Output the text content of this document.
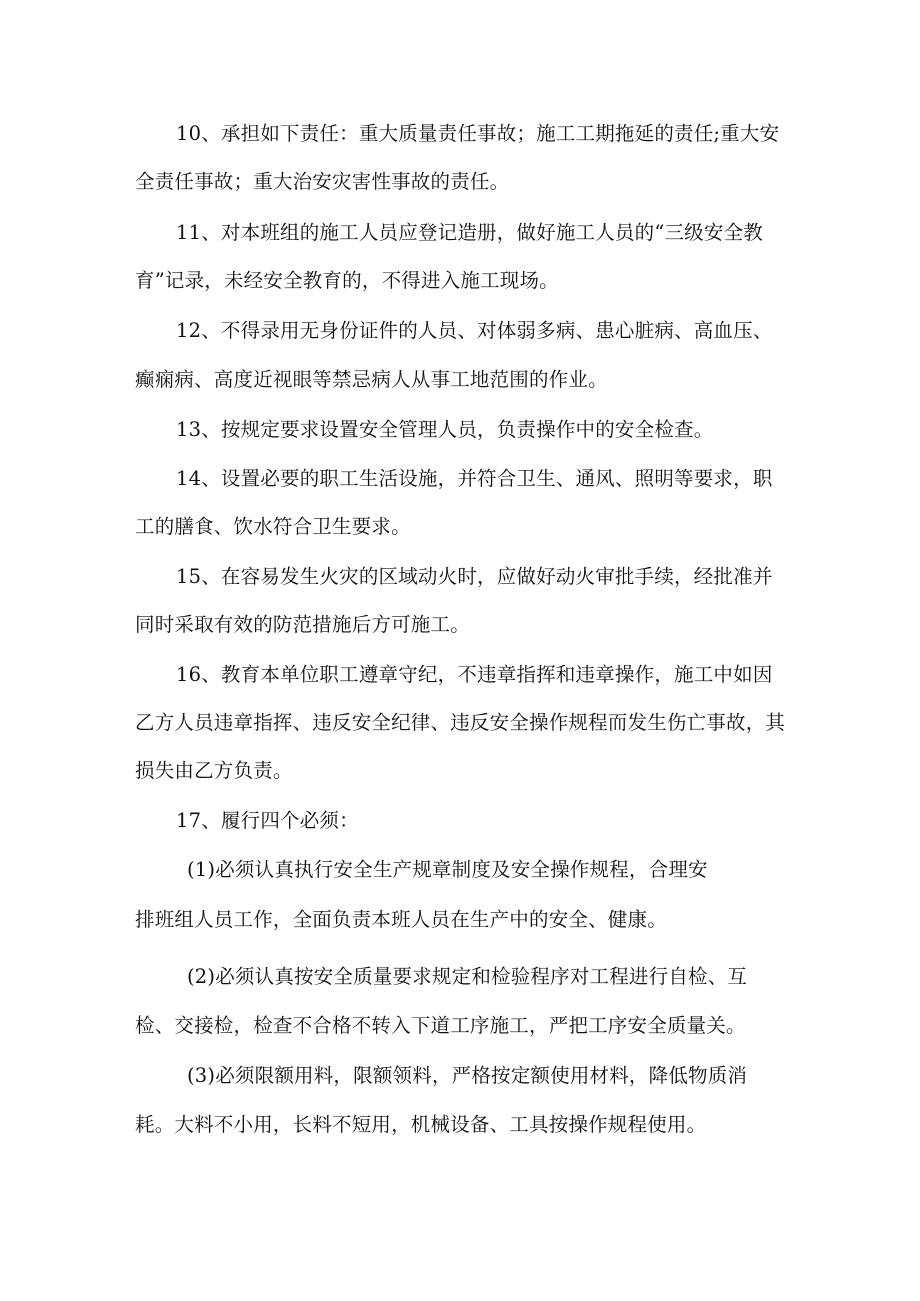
10、承担如下责任：重大质量责任事故；施工工期拖延的责任;重大安
全责任事故；重大治安灾害性事故的责任。
11、对本班组的施工人员应登记造册，做好施工人员的“三级安全教
育”记录，未经安全教育的，不得进入施工现场。
12、不得录用无身份证件的人员、对体弱多病、患心脏病、高血压、
癫痫病、高度近视眼等禁忌病人从事工地范围的作业。
13、按规定要求设置安全管理人员，负责操作中的安全检查。
14、设置必要的职工生活设施，并符合卫生、通风、照明等要求，职
工的膳食、饮水符合卫生要求。
15、在容易发生火灾的区域动火时，应做好动火审批手续，经批准并
同时采取有效的防范措施后方可施工。
16、教育本单位职工遵章守纪，不违章指挥和违章操作，施工中如因
乙方人员违章指挥、违反安全纪律、违反安全操作规程而发生伤亡事故，其
损失由乙方负责。
17、履行四个必须：
(1)必须认真执行安全生产规章制度及安全操作规程，合理安
排班组人员工作，全面负责本班人员在生产中的安全、健康。
(2)必须认真按安全质量要求规定和检验程序对工程进行自检、互
检、交接检，检查不合格不转入下道工序施工，严把工序安全质量关。
(3)必须限额用料，限额领料，严格按定额使用材料，降低物质消
耗。大料不小用，长料不短用，机械设备、工具按操作规程使用。
